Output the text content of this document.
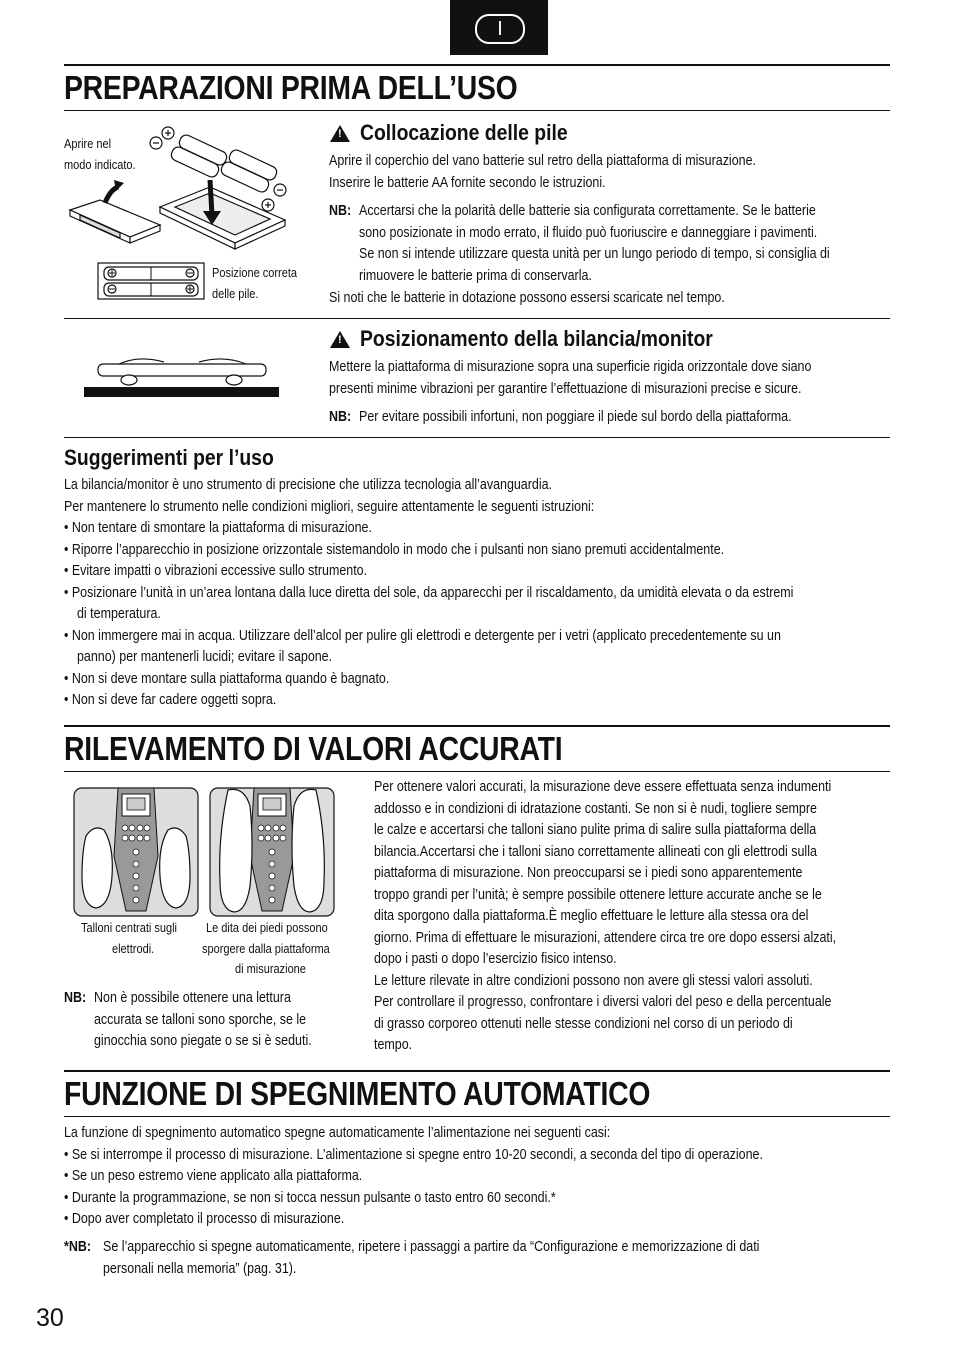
I
PREPARAZIONI PRIMA DELL’USO
Aprire nel
modo indicato.
Posizione correta
delle pile.
!Collocazione delle pile
Aprire il coperchio del vano batterie sul retro della piattaforma di misurazione.
Inserire le batterie AA fornite secondo le istruzioni.
NB: Accertarsi che la polarità delle batterie sia configurata correttamente. Se le batterie
sono posizionate in modo errato, il fluido può fuoriuscire e danneggiare i pavimenti.
Se non si intende utilizzare questa unità per un lungo periodo di tempo, si consiglia di
rimuovere le batterie prima di conservarla.
Si noti che le batterie in dotazione possono essersi scaricate nel tempo.
!Posizionamento della bilancia/monitor
Mettere la piattaforma di misurazione sopra una superficie rigida orizzontale dove siano
presenti minime vibrazioni per garantire l’effettuazione di misurazioni precise e sicure.
NB: Per evitare possibili infortuni, non poggiare il piede sul bordo della piattaforma.
Suggerimenti per l’uso
La bilancia/monitor è uno strumento di precisione che utilizza tecnologia all’avanguardia.
Per mantenere lo strumento nelle condizioni migliori, seguire attentamente le seguenti istruzioni:
• Non tentare di smontare la piattaforma di misurazione.
• Riporre l’apparecchio in posizione orizzontale sistemandolo in modo che i pulsanti non siano premuti accidentalmente.
• Evitare impatti o vibrazioni eccessive sullo strumento.
• Posizionare l’unità in un’area lontana dalla luce diretta del sole, da apparecchi per il riscaldamento, da umidità elevata o da estremi
di temperatura.
• Non immergere mai in acqua. Utilizzare dell’alcol per pulire gli elettrodi e detergente per i vetri (applicato precedentemente su un
panno) per mantenerli lucidi; evitare il sapone.
• Non si deve montare sulla piattaforma quando è bagnato.
• Non si deve far cadere oggetti sopra.
RILEVAMENTO DI VALORI ACCURATI
Talloni centrati sugli
elettrodi.
Le dita dei piedi possono
sporgere dalla piattaforma
di misurazione
NB: Non è possibile ottenere una lettura
accurata se talloni sono sporche, se le
ginocchia sono piegate o se si è seduti.
Per ottenere valori accurati, la misurazione deve essere effettuata senza indumenti
addosso e in condizioni di idratazione costanti. Se non si è nudi, togliere sempre
le calze e accertarsi che talloni siano pulite prima di salire sulla piattaforma della
bilancia.Accertarsi che i talloni siano correttamente allineati con gli elettrodi sulla
piattaforma di misurazione. Non preoccuparsi se i piedi sono apparentemente
troppo grandi per l’unità; è sempre possibile ottenere letture accurate anche se le
dita sporgono dalla piattaforma.È meglio effettuare le letture alla stessa ora del
giorno. Prima di effettuare le misurazioni, attendere circa tre ore dopo essersi alzati,
dopo i pasti o dopo l’esercizio fisico intenso.
Le letture rilevate in altre condizioni possono non avere gli stessi valori assoluti.
Per controllare il progresso, confrontare i diversi valori del peso e della percentuale
di grasso corporeo ottenuti nelle stesse condizioni nel corso di un periodo di
tempo.
FUNZIONE DI SPEGNIMENTO AUTOMATICO
La funzione di spegnimento automatico spegne automaticamente l’alimentazione nei seguenti casi:
• Se si interrompe il processo di misurazione. L’alimentazione si spegne entro 10-20 secondi, a seconda del tipo di operazione.
• Se un peso estremo viene applicato alla piattaforma.
• Durante la programmazione, se non si tocca nessun pulsante o tasto entro 60 secondi.*
• Dopo aver completato il processo di misurazione.
*NB: Se l’apparecchio si spegne automaticamente, ripetere i passaggi a partire da “Configurazione e memorizzazione di dati
personali nella memoria” (pag. 31).
30
